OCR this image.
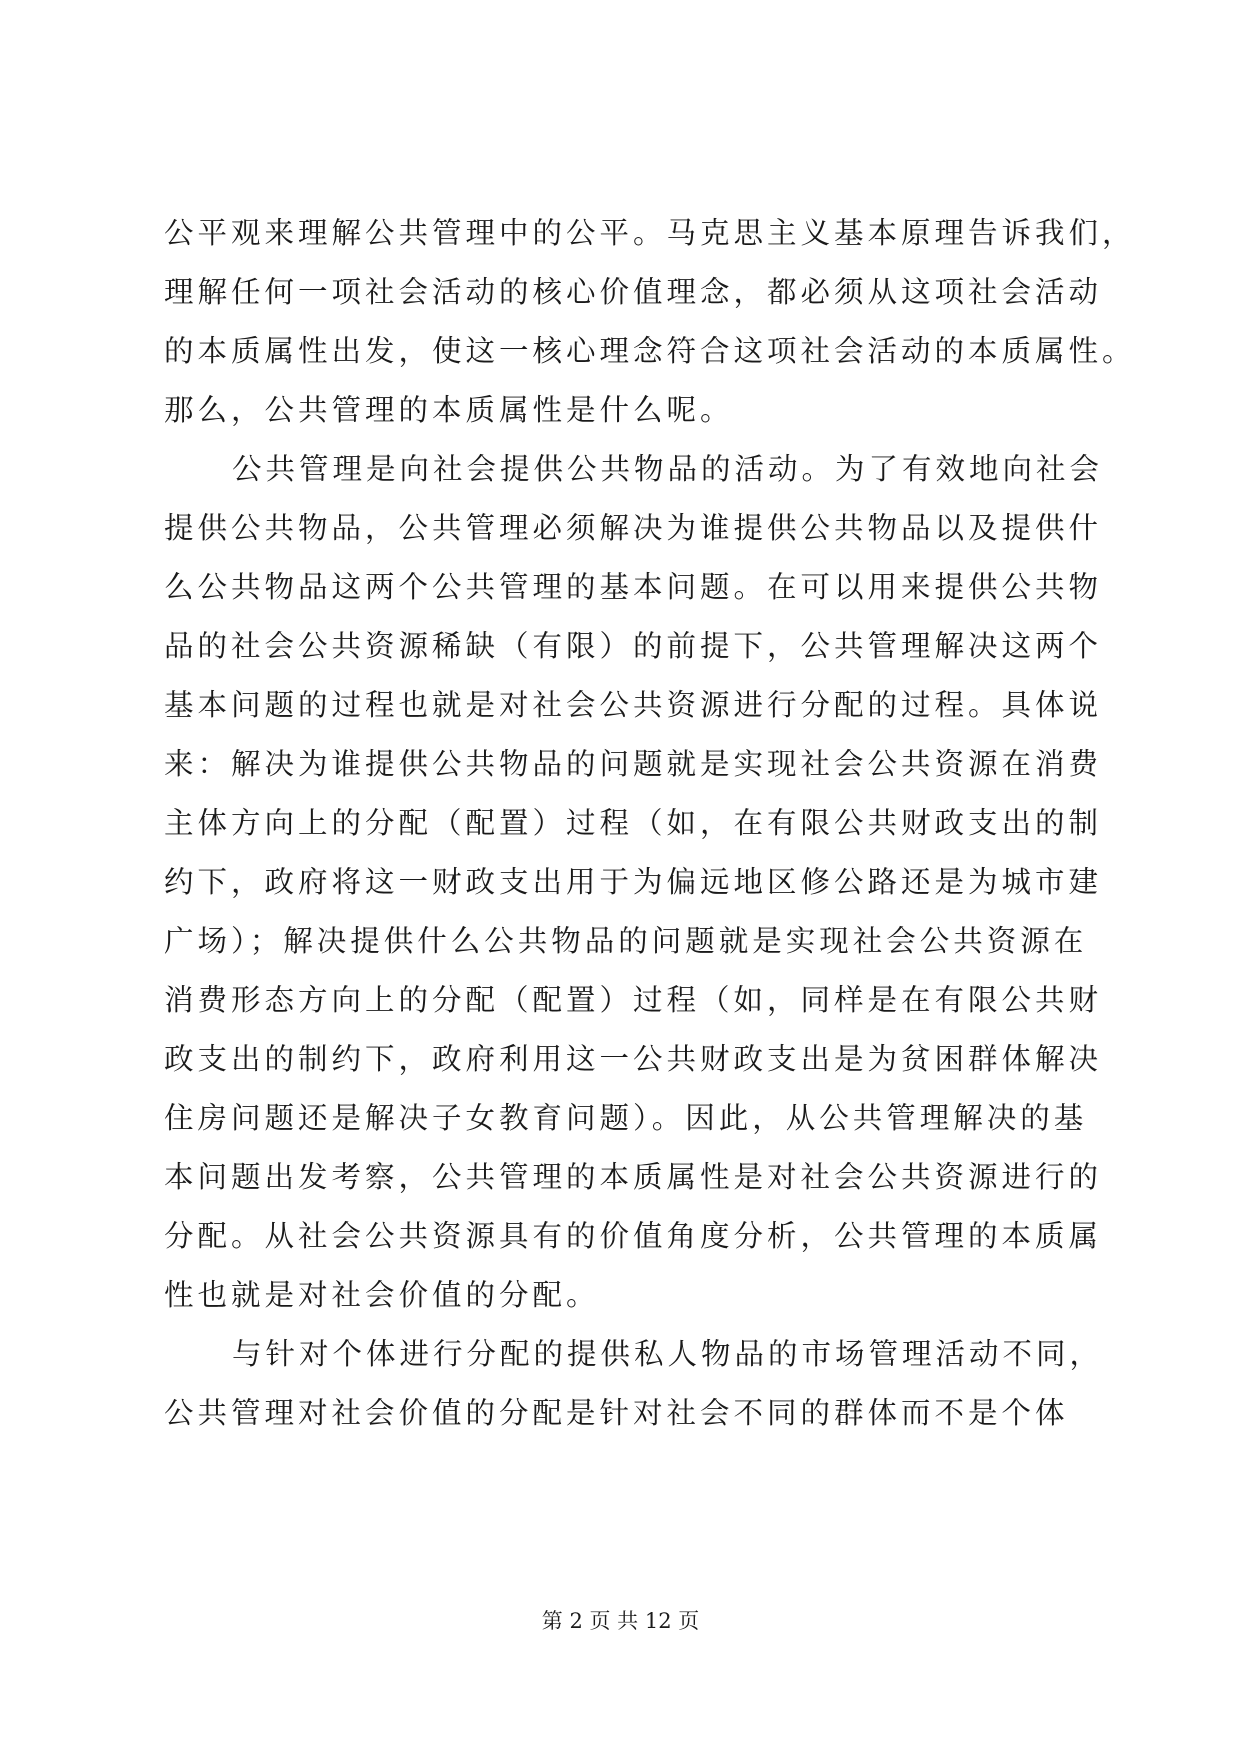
公平观来理解公共管理中的公平。马克思主义基本原理告诉我们，
理解任何一项社会活动的核心价值理念，都必须从这项社会活动
的本质属性出发，使这一核心理念符合这项社会活动的本质属性。
那么，公共管理的本质属性是什么呢。
公共管理是向社会提供公共物品的活动。为了有效地向社会
提供公共物品，公共管理必须解决为谁提供公共物品以及提供什
么公共物品这两个公共管理的基本问题。在可以用来提供公共物
品的社会公共资源稀缺（有限）的前提下，公共管理解决这两个
基本问题的过程也就是对社会公共资源进行分配的过程。具体说
来：解决为谁提供公共物品的问题就是实现社会公共资源在消费
主体方向上的分配（配置）过程（如，在有限公共财政支出的制
约下，政府将这一财政支出用于为偏远地区修公路还是为城市建
广场）；解决提供什么公共物品的问题就是实现社会公共资源在
消费形态方向上的分配（配置）过程（如，同样是在有限公共财
政支出的制约下，政府利用这一公共财政支出是为贫困群体解决
住房问题还是解决子女教育问题）。因此，从公共管理解决的基
本问题出发考察，公共管理的本质属性是对社会公共资源进行的
分配。从社会公共资源具有的价值角度分析，公共管理的本质属
性也就是对社会价值的分配。
与针对个体进行分配的提供私人物品的市场管理活动不同，
公共管理对社会价值的分配是针对社会不同的群体而不是个体
第 2 页 共 12 页
